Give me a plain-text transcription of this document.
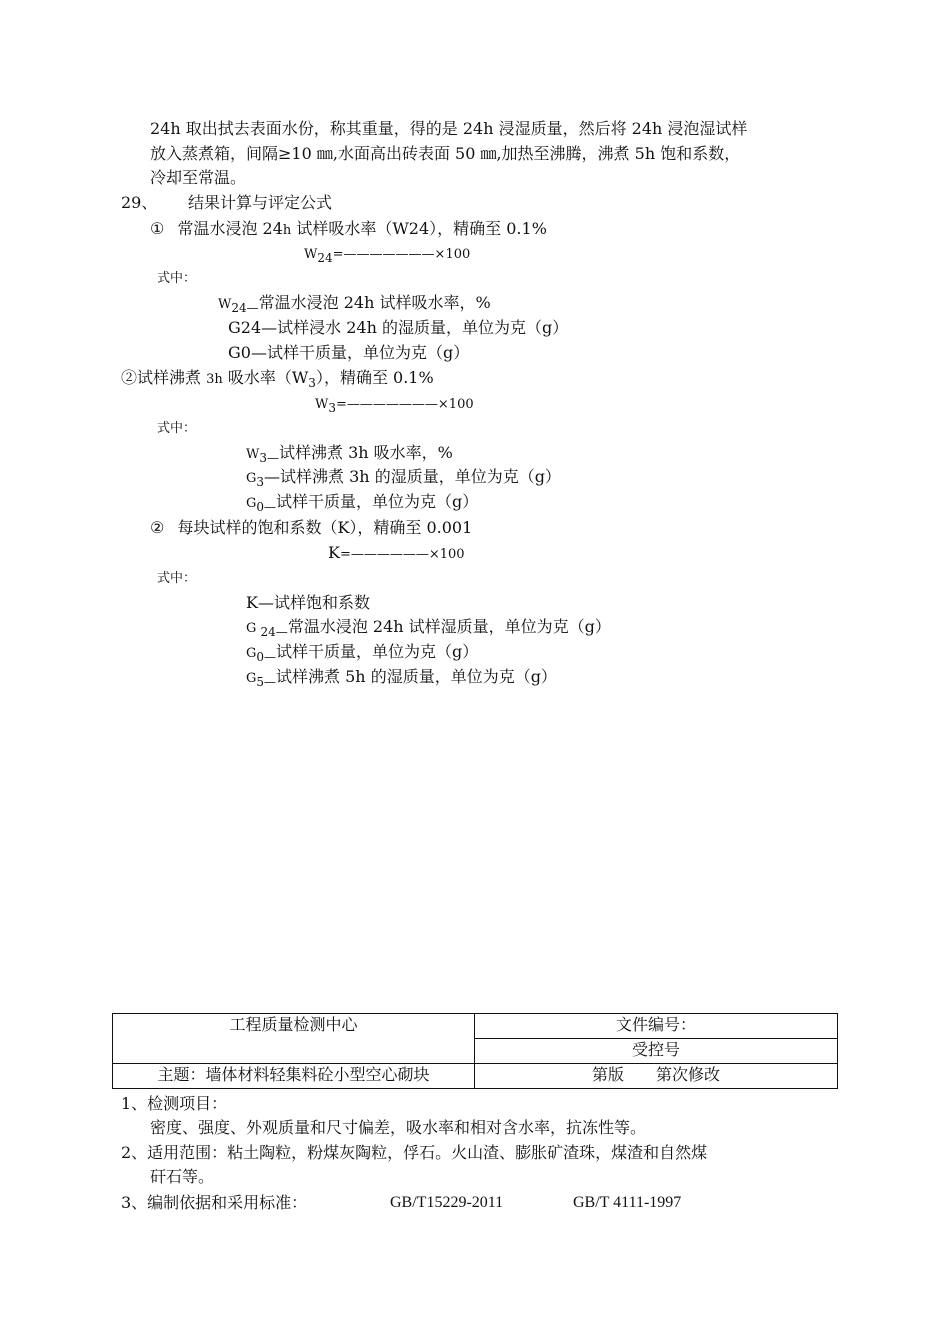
24h 取出拭去表面水份，称其重量，得的是 24h 浸湿质量，然后将 24h 浸泡湿试样
放入蒸煮箱，间隔≥10 ㎜,水面高出砖表面 50 ㎜,加热至沸腾，沸煮 5h 饱和系数，
冷却至常温。
29、 结果计算与评定公式
① 常温水浸泡 24h 试样吸水率（W24），精确至 0.1%
W24=———————×100
式中：
$W_{24—}$常温水浸泡 24h 试样吸水率，%
G24—试样浸水 24h 的湿质量，单位为克（g）
G0—试样干质量，单位为克（g）
②试样沸煮 3h 吸水率$(W_3)$，精确至 0.1%
W3=———————×100
式中：
$W_{3—}$试样沸煮 3h 吸水率，%
$G_3—$试样沸煮 3h 的湿质量，单位为克（g）
$G_{0—}$试样干质量，单位为克（g）
② 每块试样的饱和系数（K），精确至 0.001
K=——————×100
式中：
K—试样饱和系数
G $_{24—}$常温水浸泡 24h 试样湿质量，单位为克（g）
$G_{0—}$试样干质量，单位为克（g）
$G_{5—}$试样沸煮 5h 的湿质量，单位为克（g）
工程质量检测中心	文件编号：
	受控号
主题：墙体材料轻集料砼小型空心砌块	第版　　第次修改
1、检测项目：
密度、强度、外观质量和尺寸偏差，吸水率和相对含水率，抗冻性等。
2、适用范围：粘土陶粒，粉煤灰陶粒，俘石。火山渣、膨胀矿渣珠，煤渣和自然煤
矸石等。
3、编制依据和采用标准：	GB/T15229-2011	GB/T 4111-1997
